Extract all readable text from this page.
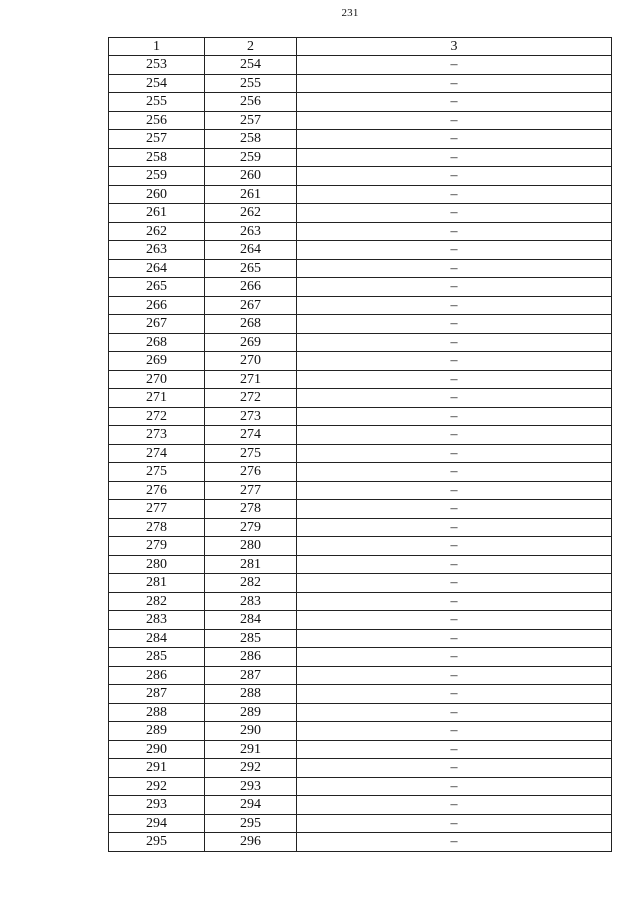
231
1	2	3
253	254	–
254	255	–
255	256	–
256	257	–
257	258	–
258	259	–
259	260	–
260	261	–
261	262	–
262	263	–
263	264	–
264	265	–
265	266	–
266	267	–
267	268	–
268	269	–
269	270	–
270	271	–
271	272	–
272	273	–
273	274	–
274	275	–
275	276	–
276	277	–
277	278	–
278	279	–
279	280	–
280	281	–
281	282	–
282	283	–
283	284	–
284	285	–
285	286	–
286	287	–
287	288	–
288	289	–
289	290	–
290	291	–
291	292	–
292	293	–
293	294	–
294	295	–
295	296	–
